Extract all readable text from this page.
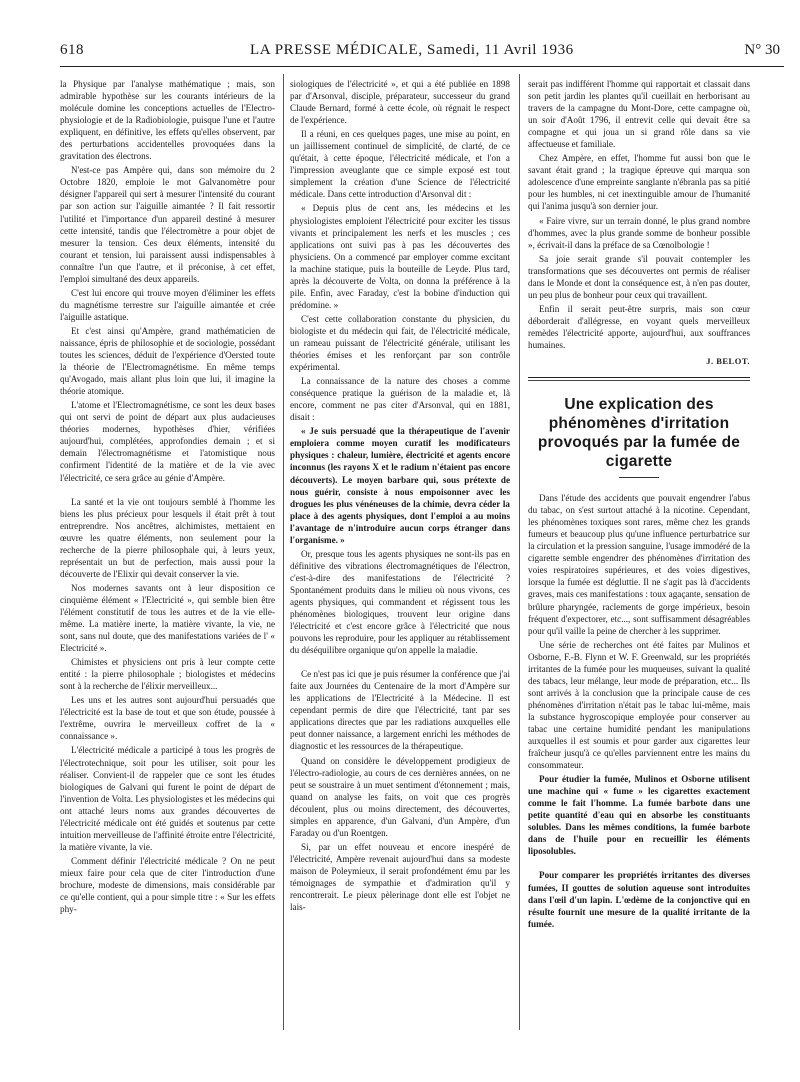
618	LA PRESSE MÉDICALE, Samedi, 11 Avril 1936	N° 30

la Physique par l'analyse mathématique ; mais, son admirable hypothèse sur les courants intérieurs de la molécule domine les conceptions actuelles de l'Electro-physiologie et de la Radiobiologie, puisque l'une et l'autre expliquent, en définitive, les effets qu'elles observent, par des perturbations accidentelles provoquées dans la gravitation des électrons.

N'est-ce pas Ampère qui, dans son mémoire du 2 Octobre 1820, emploie le mot Galvanomètre pour désigner l'appareil qui sert à mesurer l'intensité du courant par son action sur l'aiguille aimantée ? Il fait ressortir l'utilité et l'importance d'un appareil destiné à mesurer cette intensité, tandis que l'électromètre a pour objet de mesurer la tension. Ces deux éléments, intensité du courant et tension, lui paraissent aussi indispensables à connaître l'un que l'autre, et il préconise, à cet effet, l'emploi simultané des deux appareils.

C'est lui encore qui trouve moyen d'éliminer les effets du magnétisme terrestre sur l'aiguille aimantée et crée l'aiguille astatique.

Et c'est ainsi qu'Ampère, grand mathématicien de naissance, épris de philosophie et de sociologie, possédant toutes les sciences, déduit de l'expérience d'Oersted toute la théorie de l'Electromagnétisme. En même temps qu'Avogado, mais allant plus loin que lui, il imagine la théorie atomique.

L'atome et l'Electromagnétisme, ce sont les deux bases qui ont servi de point de départ aux plus audacieuses théories modernes, hypothèses d'hier, vérifiées aujourd'hui, complétées, approfondies demain ; et si demain l'électromagnétisme et l'atomistique nous confirment l'identité de la matière et de la vie avec l'électricité, ce sera grâce au génie d'Ampère.

La santé et la vie ont toujours semblé à l'homme les biens les plus précieux pour lesquels il était prêt à tout entreprendre. Nos ancêtres, alchimistes, mettaient en œuvre les quatre éléments, non seulement pour la recherche de la pierre philosophale qui, à leurs yeux, représentait un but de perfection, mais aussi pour la découverte de l'Elixir qui devait conserver la vie.

Nos modernes savants ont à leur disposition ce cinquième élément « l'Electricité », qui semble bien être l'élément constitutif de tous les autres et de la vie elle-même. La matière inerte, la matière vivante, la vie, ne sont, sans nul doute, que des manifestations variées de l' « Electricité ».

Chimistes et physiciens ont pris à leur compte cette entité : la pierre philosophale ; biologistes et médecins sont à la recherche de l'élixir merveilleux...

Les uns et les autres sont aujourd'hui persuadés que l'électricité est la base de tout et que son étude, poussée à l'extrême, ouvrira le merveilleux coffret de la « connaissance ».

L'électricité médicale a participé à tous les progrès de l'électrotechnique, soit pour les utiliser, soit pour les réaliser. Convient-il de rappeler que ce sont les études biologiques de Galvani qui furent le point de départ de l'invention de Volta. Les physiologistes et les médecins qui ont attaché leurs noms aux grandes découvertes de l'électricité médicale ont été guidés et soutenus par cette intuition merveilleuse de l'affinité étroite entre l'électricité, la matière vivante, la vie.

Comment définir l'électricité médicale ? On ne peut mieux faire pour cela que de citer l'introduction d'une brochure, modeste de dimensions, mais considérable par ce qu'elle contient, qui a pour simple titre : « Sur les effets phy-

siologiques de l'électricité », et qui a été publiée en 1898 par d'Arsonval, disciple, préparateur, successeur du grand Claude Bernard, formé à cette école, où régnait le respect de l'expérience.

Il a réuni, en ces quelques pages, une mise au point, en un jaillissement continuel de simplicité, de clarté, de ce qu'était, à cette époque, l'électricité médicale, et l'on a l'impression aveuglante que ce simple exposé est tout simplement la création d'une Science de l'électricité médicale. Dans cette introduction d'Arsonval dit :

« Depuis plus de cent ans, les médecins et les physiologistes emploient l'électricité pour exciter les tissus vivants et principalement les nerfs et les muscles ; ces applications ont suivi pas à pas les découvertes des physiciens. On a commencé par employer comme excitant la machine statique, puis la bouteille de Leyde. Plus tard, après la découverte de Volta, on donna la préférence à la pile. Enfin, avec Faraday, c'est la bobine d'induction qui prédomine. »

C'est cette collaboration constante du physicien, du biologiste et du médecin qui fait, de l'électricité médicale, un rameau puissant de l'électricité générale, utilisant les théories émises et les renforçant par son contrôle expérimental.

La connaissance de la nature des choses a comme conséquence pratique la guérison de la maladie et, là encore, comment ne pas citer d'Arsonval, qui en 1881, disait :

« Je suis persuadé que la thérapeutique de l'avenir emploiera comme moyen curatif les modificateurs physiques : chaleur, lumière, électricité et agents encore inconnus (les rayons X et le radium n'étaient pas encore découverts). Le moyen barbare qui, sous prétexte de nous guérir, consiste à nous empoisonner avec les drogues les plus vénéneuses de la chimie, devra céder la place à des agents physiques, dont l'emploi a au moins l'avantage de n'introduire aucun corps étranger dans l'organisme. »

Or, presque tous les agents physiques ne sont-ils pas en définitive des vibrations électromagnétiques de l'électron, c'est-à-dire des manifestations de l'électricité ? Spontanément produits dans le milieu où nous vivons, ces agents physiques, qui commandent et régissent tous les phénomènes biologiques, trouvent leur origine dans l'électricité et c'est encore grâce à l'électricité que nous pouvons les reproduire, pour les appliquer au rétablissement du déséquilibre organique qu'on appelle la maladie.

Ce n'est pas ici que je puis résumer la conférence que j'ai faite aux Journées du Centenaire de la mort d'Ampère sur les applications de l'Electricité à la Médecine. Il est cependant permis de dire que l'électricité, tant par ses applications directes que par les radiations auxquelles elle peut donner naissance, a largement enrichi les méthodes de diagnostic et les ressources de la thérapeutique.

Quand on considère le développement prodigieux de l'électro-radiologie, au cours de ces dernières années, on ne peut se soustraire à un muet sentiment d'étonnement ; mais, quand on analyse les faits, on voit que ces progrès découlent, plus ou moins directement, des découvertes, simples en apparence, d'un Galvani, d'un Ampère, d'un Faraday ou d'un Roentgen.

Si, par un effet nouveau et encore inespéré de l'électricité, Ampère revenait aujourd'hui dans sa modeste maison de Poleymieux, il serait profondément ému par les témoignages de sympathie et d'admiration qu'il y rencontrerait. Le pieux pèlerinage dont elle est l'objet ne lais-

serait pas indifférent l'homme qui rapportait et classait dans son petit jardin les plantes qu'il cueillait en herborisant au travers de la campagne du Mont-Dore, cette campagne où, un soir d'Août 1796, il entrevit celle qui devait être sa compagne et qui joua un si grand rôle dans sa vie affectueuse et familiale.

Chez Ampère, en effet, l'homme fut aussi bon que le savant était grand ; la tragique épreuve qui marqua son adolescence d'une empreinte sanglante n'ébranla pas sa pitié pour les humbles, ni cet inextinguible amour de l'humanité qui l'anima jusqu'à son dernier jour.

« Faire vivre, sur un terrain donné, le plus grand nombre d'hommes, avec la plus grande somme de bonheur possible », écrivait-il dans la préface de sa Cœnolbologie !

Sa joie serait grande s'il pouvait contempler les transformations que ses découvertes ont permis de réaliser dans le Monde et dont la conséquence est, à n'en pas douter, un peu plus de bonheur pour ceux qui travaillent.

Enfin il serait peut-être surpris, mais son cœur déborderait d'allégresse, en voyant quels merveilleux remèdes l'électricité apporte, aujourd'hui, aux souffrances humaines.

J. BELOT.
Une explication des phénomènes d'irritation provoqués par la fumée de cigarette

Dans l'étude des accidents que pouvait engendrer l'abus du tabac, on s'est surtout attaché à la nicotine. Cependant, les phénomènes toxiques sont rares, même chez les grands fumeurs et beaucoup plus qu'une influence perturbatrice sur la circulation et la pression sanguine, l'usage immodéré de la cigarette semble engendrer des phénomènes d'irritation des voies respiratoires supérieures, et des voies digestives, lorsque la fumée est dégluttie. Il ne s'agit pas là d'accidents graves, mais ces manifestations : toux agaçante, sensation de brûlure pharyngée, raclements de gorge impérieux, besoin fréquent d'expectorer, etc..., sont suffisamment désagréables pour qu'il vaille la peine de chercher à les supprimer.

Une série de recherches ont été faites par Mulinos et Osborne, F.-B. Flynn et W. F. Greenwald, sur les propriétés irritantes de la fumée pour les muqueuses, suivant la qualité des tabacs, leur mélange, leur mode de préparation, etc... Ils sont arrivés à la conclusion que la principale cause de ces phénomènes d'irritation n'était pas le tabac lui-même, mais la substance hygroscopique employée pour conserver au tabac une certaine humidité pendant les manipulations auxquelles il est soumis et pour garder aux cigarettes leur fraîcheur jusqu'à ce qu'elles parviennent entre les mains du consommateur.

Pour étudier la fumée, Mulinos et Osborne utilisent une machine qui « fume » les cigarettes exactement comme le fait l'homme. La fumée barbote dans une petite quantité d'eau qui en absorbe les constituants solubles. Dans les mêmes conditions, la fumée barbote dans de l'huile pour en recueillir les éléments liposolubles.

Pour comparer les propriétés irritantes des diverses fumées, II gouttes de solution aqueuse sont introduites dans l'œil d'un lapin. L'œdème de la conjonctive qui en résulte fournit une mesure de la qualité irritante de la fumée.
